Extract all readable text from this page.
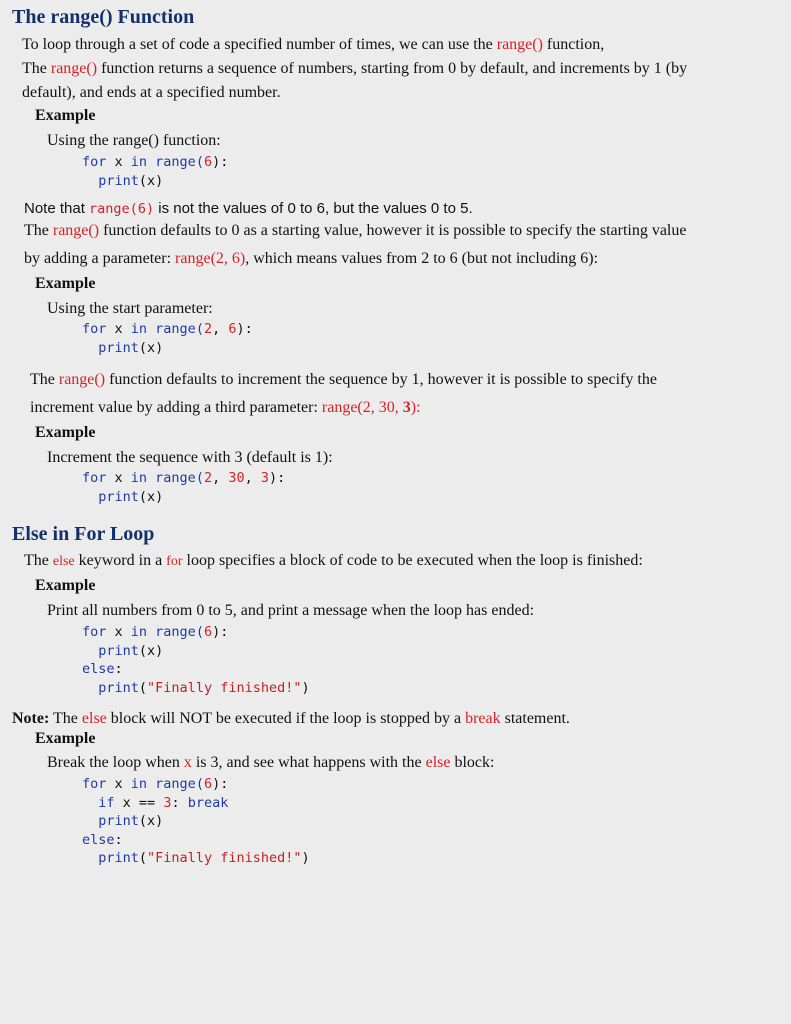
The range() Function
To loop through a set of code a specified number of times, we can use the range() function,
The range() function returns a sequence of numbers, starting from 0 by default, and increments by 1 (by
default), and ends at a specified number.
Example
Using the range() function:
for x in range(6):
print(x)
Note that range(6) is not the values of 0 to 6, but the values 0 to 5.
The range() function defaults to 0 as a starting value, however it is possible to specify the starting value
by adding a parameter: range(2, 6), which means values from 2 to 6 (but not including 6):
Example
Using the start parameter:
for x in range(2, 6):
print(x)
The range() function defaults to increment the sequence by 1, however it is possible to specify the
increment value by adding a third parameter: range(2, 30, 3):
Example
Increment the sequence with 3 (default is 1):
for x in range(2, 30, 3):
print(x)
Else in For Loop
The else keyword in a for loop specifies a block of code to be executed when the loop is finished:
Example
Print all numbers from 0 to 5, and print a message when the loop has ended:
for x in range(6):
print(x)
else:
print("Finally finished!")
Note: The else block will NOT be executed if the loop is stopped by a break statement.
Example
Break the loop when x is 3, and see what happens with the else block:
for x in range(6):
if x == 3: break
print(x)
else:
print("Finally finished!")
